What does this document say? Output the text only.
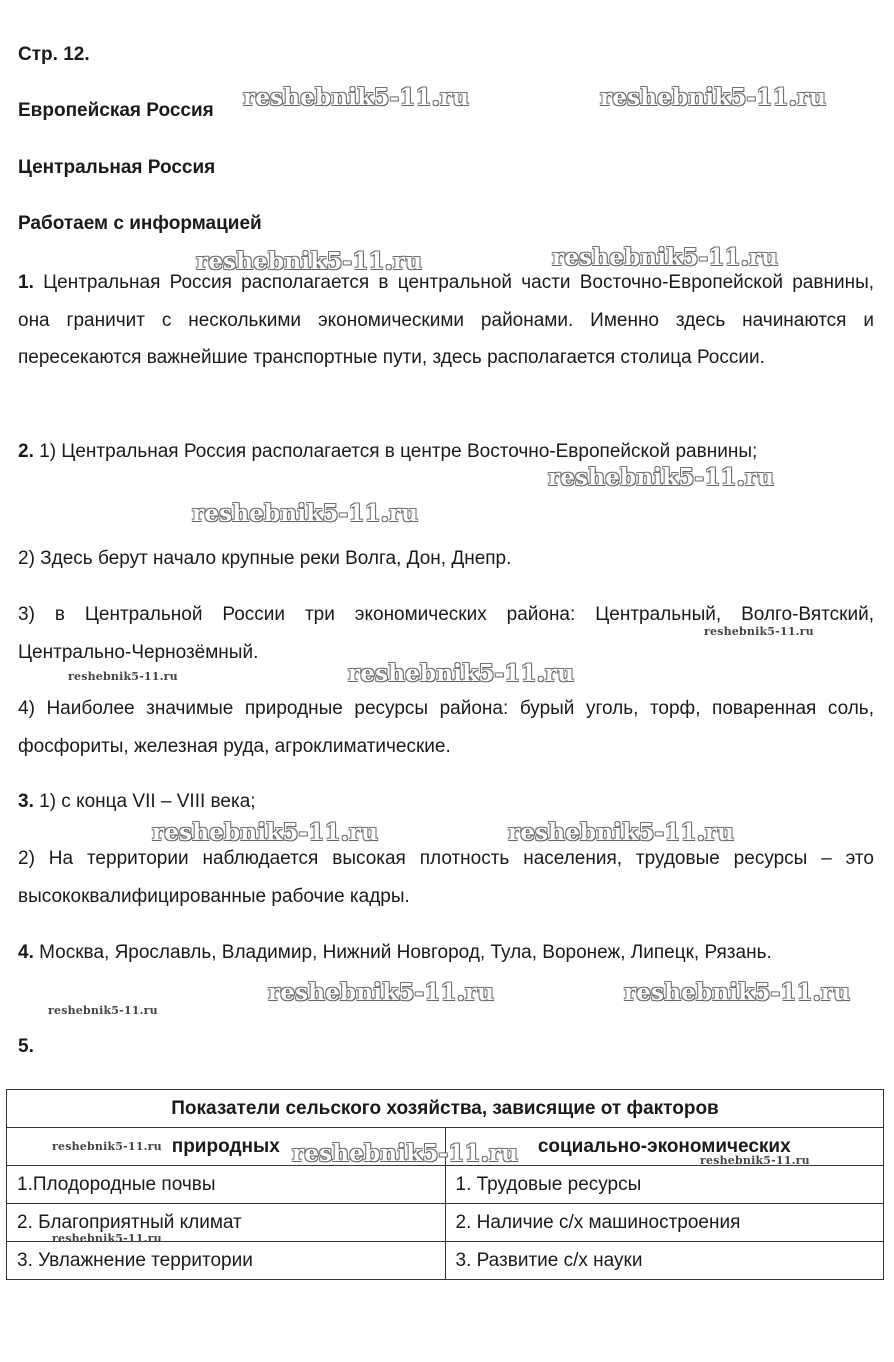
Стр. 12.
Европейская Россия
Центральная Россия
Работаем с информацией
1. Центральная Россия располагается в центральной части Восточно-Европейской равнины, она граничит с несколькими экономическими районами. Именно здесь начинаются и пересекаются важнейшие транспортные пути, здесь располагается столица России.
2. 1) Центральная Россия располагается в центре Восточно-Европейской равнины;
2) Здесь берут начало крупные реки Волга, Дон, Днепр.
3) в Центральной России три экономических района: Центральный, Волго-Вятский, Центрально-Чернозёмный.
4) Наиболее значимые природные ресурсы района: бурый уголь, торф, поваренная соль, фосфориты, железная руда, агроклиматические.
3. 1) с конца VII – VIII века;
2) На территории наблюдается высокая плотность населения, трудовые ресурсы – это высококвалифицированные рабочие кадры.
4. Москва, Ярославль, Владимир, Нижний Новгород, Тула, Воронеж, Липецк, Рязань.
5.
Показатели сельского хозяйства, зависящие от факторов	
природных	социально-экономических
1.Плодородные почвы	1. Трудовые ресурсы
2. Благоприятный климат	2. Наличие с/х машиностроения
3. Увлажнение территории	3. Развитие с/х науки
reshebnik5-11.ru	reshebnik5-11.ru
reshebnik5-11.ru	reshebnik5-11.ru
reshebnik5-11.ru
reshebnik5-11.ru
reshebnik5-11.ru
reshebnik5-11.ru	reshebnik5-11.ru
reshebnik5-11.ru	reshebnik5-11.ru
reshebnik5-11.ru	reshebnik5-11.ru
reshebnik5-11.ru
reshebnik5-11.ru	reshebnik5-11.ru	reshebnik5-11.ru
reshebnik5-11.ru
